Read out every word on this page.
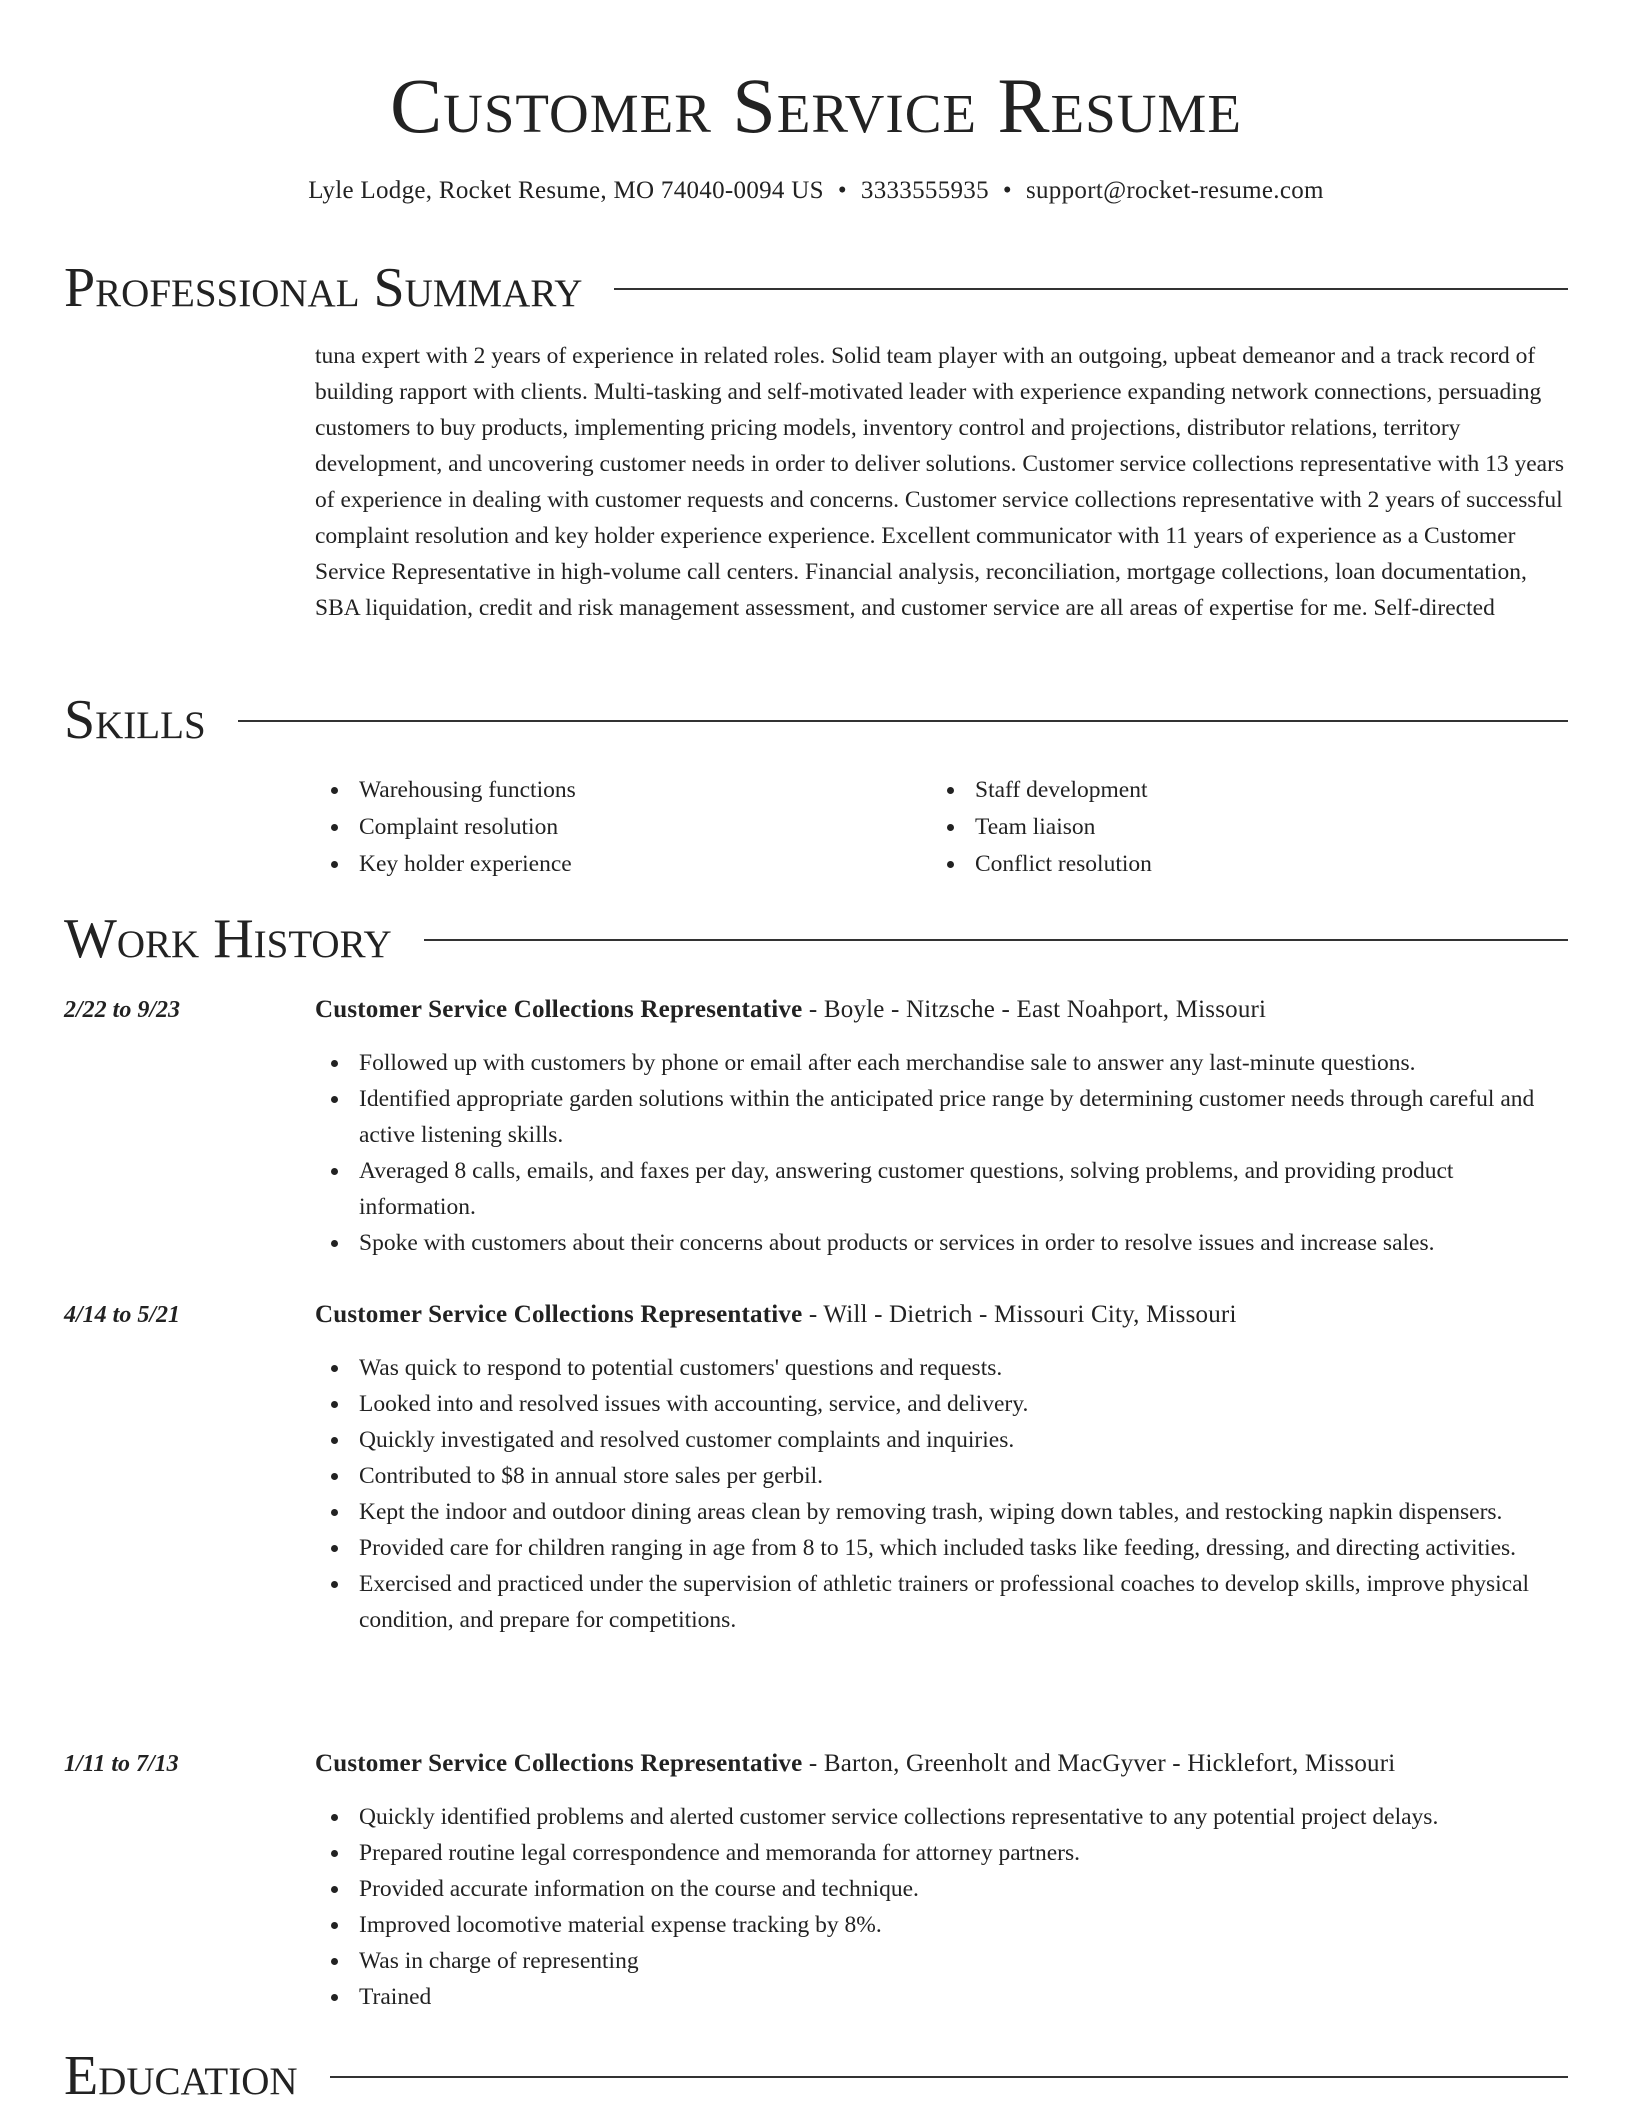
Customer Service Resume
Lyle Lodge, Rocket Resume, MO 74040-0094 US • 3333555935 • support@rocket-resume.com
Professional Summary

tuna expert with 2 years of experience in related roles. Solid team player with an outgoing, upbeat demeanor and a track record of building rapport with clients. Multi-tasking and self-motivated leader with experience expanding network connections, persuading customers to buy products, implementing pricing models, inventory control and projections, distributor relations, territory development, and uncovering customer needs in order to deliver solutions. Customer service collections representative with 13 years of experience in dealing with customer requests and concerns. Customer service collections representative with 2 years of successful complaint resolution and key holder experience experience. Excellent communicator with 11 years of experience as a Customer Service Representative in high-volume call centers. Financial analysis, reconciliation, mortgage collections, loan documentation, SBA liquidation, credit and risk management assessment, and customer service are all areas of expertise for me. Self-directed

Skills
Warehousing functions
Complaint resolution
Key holder experience
Staff development
Team liaison
Conflict resolution
Work History
2/22 to 9/23	Customer Service Collections Representative - Boyle - Nitzsche - East Noahport, Missouri
Followed up with customers by phone or email after each merchandise sale to answer any last-minute questions.
Identified appropriate garden solutions within the anticipated price range by determining customer needs through careful and active listening skills.
Averaged 8 calls, emails, and faxes per day, answering customer questions, solving problems, and providing product information.
Spoke with customers about their concerns about products or services in order to resolve issues and increase sales.
4/14 to 5/21	Customer Service Collections Representative - Will - Dietrich - Missouri City, Missouri
Was quick to respond to potential customers' questions and requests.
Looked into and resolved issues with accounting, service, and delivery.
Quickly investigated and resolved customer complaints and inquiries.
Contributed to $8 in annual store sales per gerbil.
Kept the indoor and outdoor dining areas clean by removing trash, wiping down tables, and restocking napkin dispensers.
Provided care for children ranging in age from 8 to 15, which included tasks like feeding, dressing, and directing activities.
Exercised and practiced under the supervision of athletic trainers or professional coaches to develop skills, improve physical condition, and prepare for competitions.
1/11 to 7/13	Customer Service Collections Representative - Barton, Greenholt and MacGyver - Hicklefort, Missouri
Quickly identified problems and alerted customer service collections representative to any potential project delays.
Prepared routine legal correspondence and memoranda for attorney partners.
Provided accurate information on the course and technique.
Improved locomotive material expense tracking by 8%.
Was in charge of representing
Trained
Education
